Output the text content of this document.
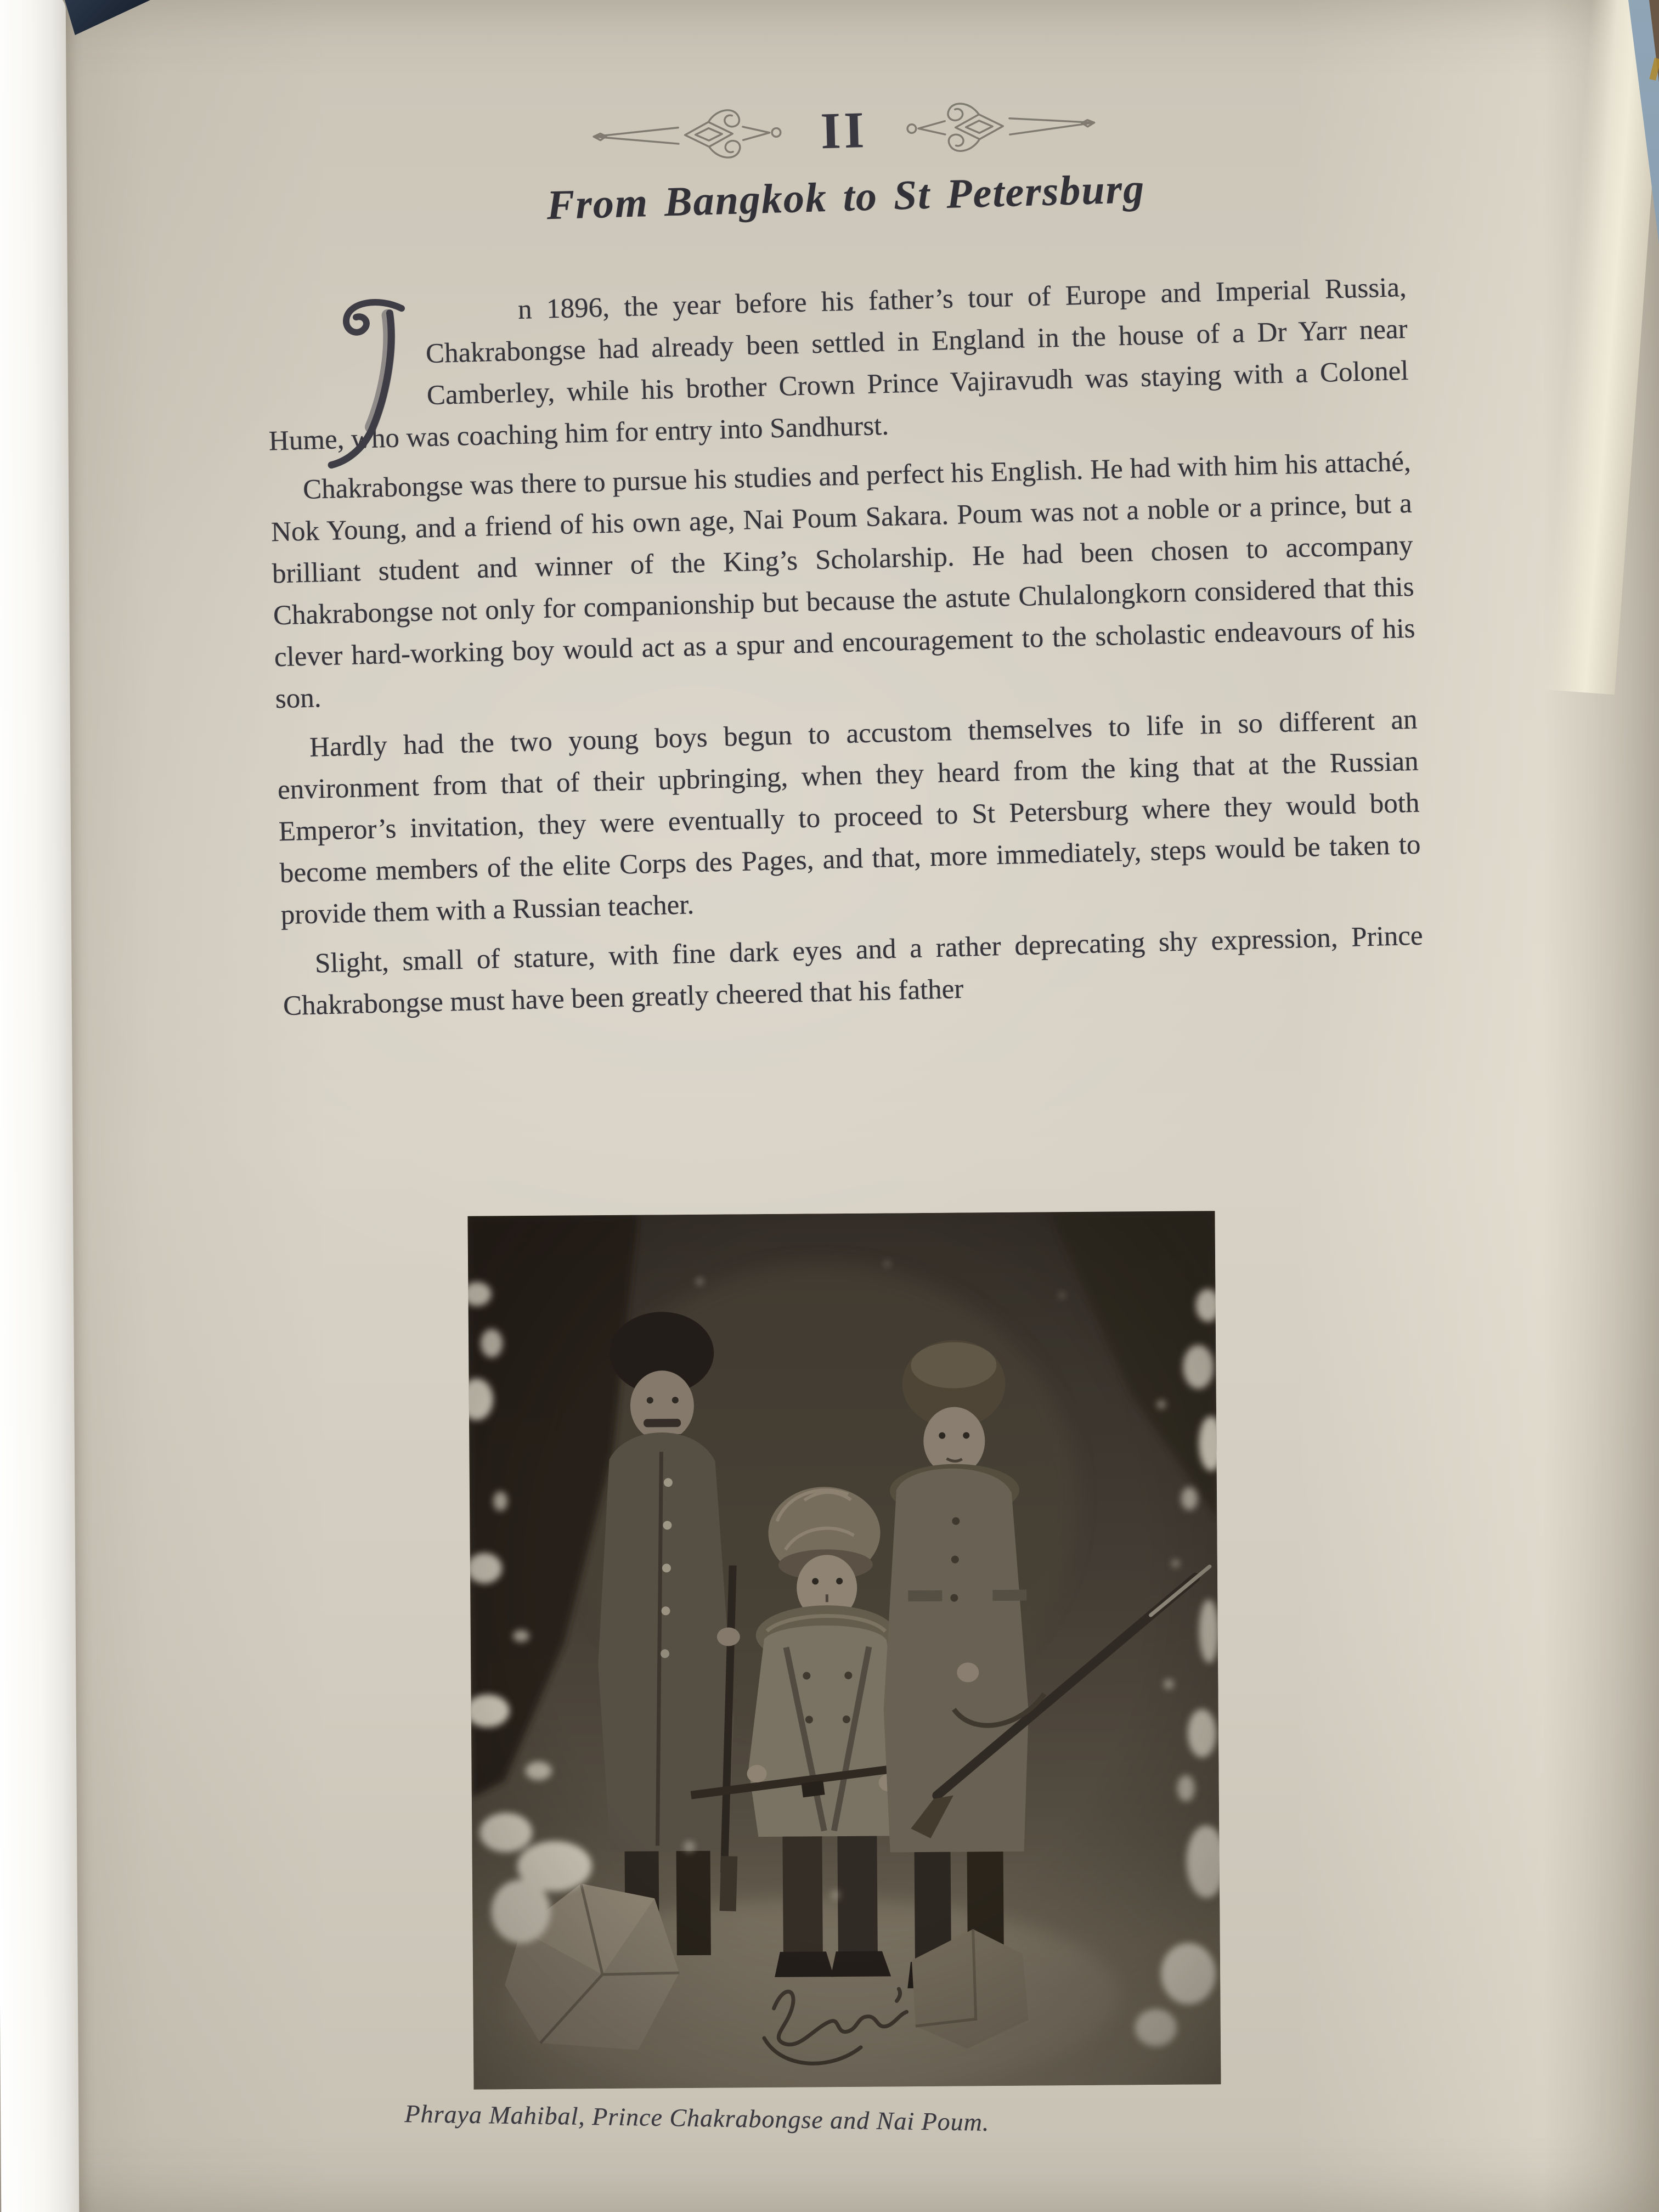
II
From Bangkok to St Petersburg

n 1896, the year before his father’s tour of Europe and Imperial Russia, Chakrabongse had already been settled in England in the house of a Dr Yarr near Camberley, while his brother Crown Prince Vajiravudh was staying with a Colonel Hume, who was coaching him for entry into Sandhurst.

Chakrabongse was there to pursue his studies and perfect his English. He had with him his attaché, Nok Young, and a friend of his own age, Nai Poum Sakara. Poum was not a noble or a prince, but a brilliant student and winner of the King’s Scholarship. He had been chosen to accompany Chakrabongse not only for companionship but because the astute Chulalongkorn considered that this clever hard-working boy would act as a spur and encouragement to the scholastic endeavours of his son.

Hardly had the two young boys begun to accustom themselves to life in so different an environment from that of their upbringing, when they heard from the king that at the Russian Emperor’s invitation, they were eventually to proceed to St Petersburg where they would both become members of the elite Corps des Pages, and that, more immediately, steps would be taken to provide them with a Russian teacher.

Slight, small of stature, with fine dark eyes and a rather deprecating shy expression, Prince Chakrabongse must have been greatly cheered that his father

Phraya Mahibal, Prince Chakrabongse and Nai Poum.
